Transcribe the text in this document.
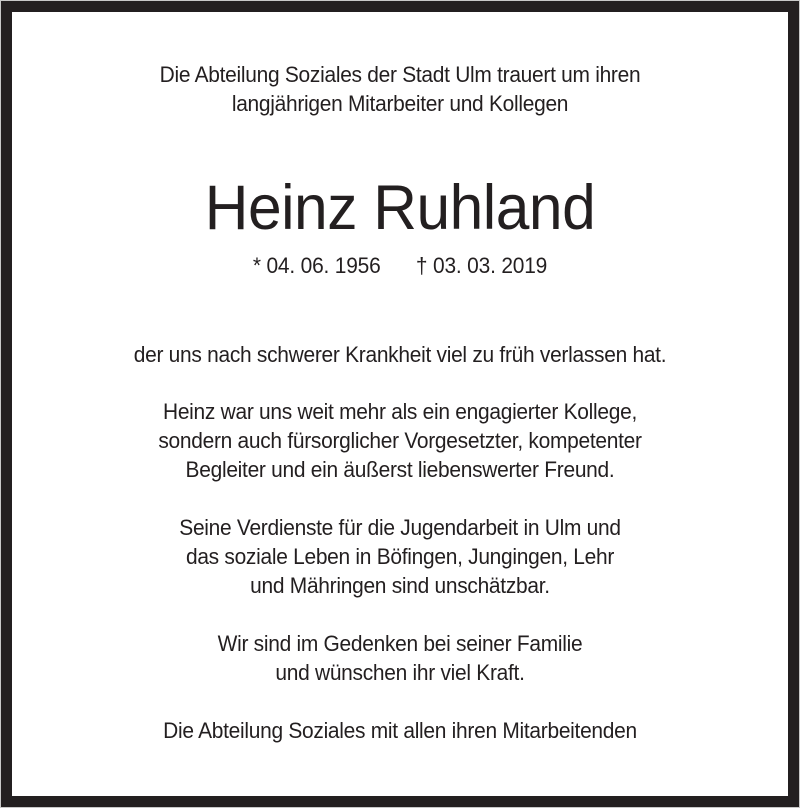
Die Abteilung Soziales der Stadt Ulm trauert um ihren
langjährigen Mitarbeiter und Kollegen
Heinz Ruhland
* 04. 06. 1956 † 03. 03. 2019
der uns nach schwerer Krankheit viel zu früh verlassen hat.
Heinz war uns weit mehr als ein engagierter Kollege,
sondern auch fürsorglicher Vorgesetzter, kompetenter
Begleiter und ein äußerst liebenswerter Freund.
Seine Verdienste für die Jugendarbeit in Ulm und
das soziale Leben in Böfingen, Jungingen, Lehr
und Mähringen sind unschätzbar.
Wir sind im Gedenken bei seiner Familie
und wünschen ihr viel Kraft.
Die Abteilung Soziales mit allen ihren Mitarbeitenden
